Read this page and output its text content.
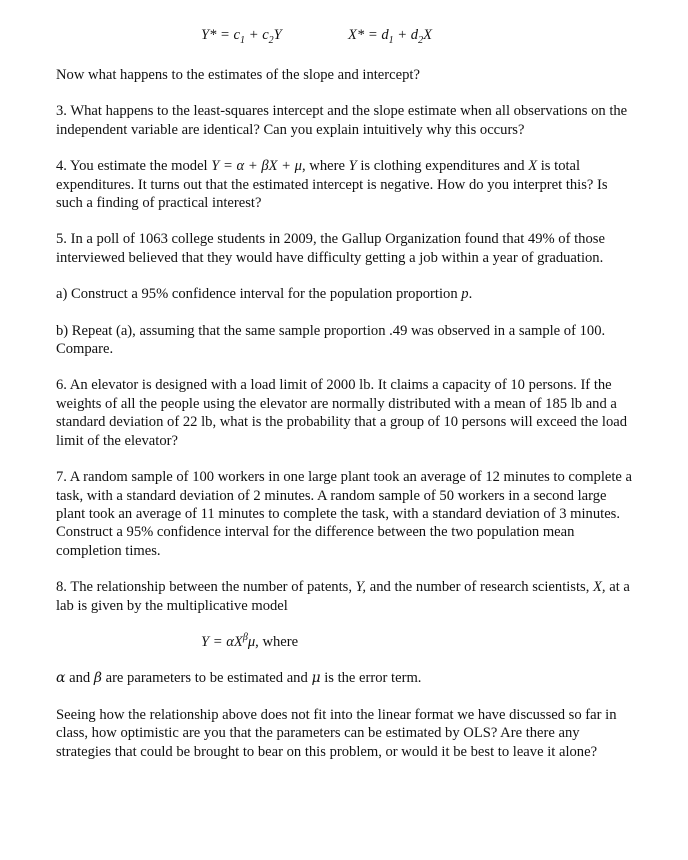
$Y* = c_1 + c_2Y$	$X* = d_1 + d_2X$

Now what happens to the estimates of the slope and intercept?

3. What happens to the least-squares intercept and the slope estimate when all observations on the independent variable are identical? Can you explain intuitively why this occurs?

4. You estimate the model Y = α + βX + μ, where Y is clothing expenditures and X is total expenditures. It turns out that the estimated intercept is negative. How do you interpret this? Is such a finding of practical interest?

5. In a poll of 1063 college students in 2009, the Gallup Organization found that 49% of those interviewed believed that they would have difficulty getting a job within a year of graduation.

a) Construct a 95% confidence interval for the population proportion p.

b) Repeat (a), assuming that the same sample proportion .49 was observed in a sample of 100. Compare.

6. An elevator is designed with a load limit of 2000 lb. It claims a capacity of 10 persons. If the weights of all the people using the elevator are normally distributed with a mean of 185 lb and a standard deviation of 22 lb, what is the probability that a group of 10 persons will exceed the load limit of the elevator?

7. A random sample of 100 workers in one large plant took an average of 12 minutes to complete a task, with a standard deviation of 2 minutes. A random sample of 50 workers in a second large plant took an average of 11 minutes to complete the task, with a standard deviation of 3 minutes. Construct a 95% confidence interval for the difference between the two population mean completion times.

8. The relationship between the number of patents, Y, and the number of research scientists, X, at a lab is given by the multiplicative model

$Y = \alpha X^\beta\mu$, where

α and β are parameters to be estimated and μ is the error term.

Seeing how the relationship above does not fit into the linear format we have discussed so far in class, how optimistic are you that the parameters can be estimated by OLS? Are there any strategies that could be brought to bear on this problem, or would it be best to leave it alone?
